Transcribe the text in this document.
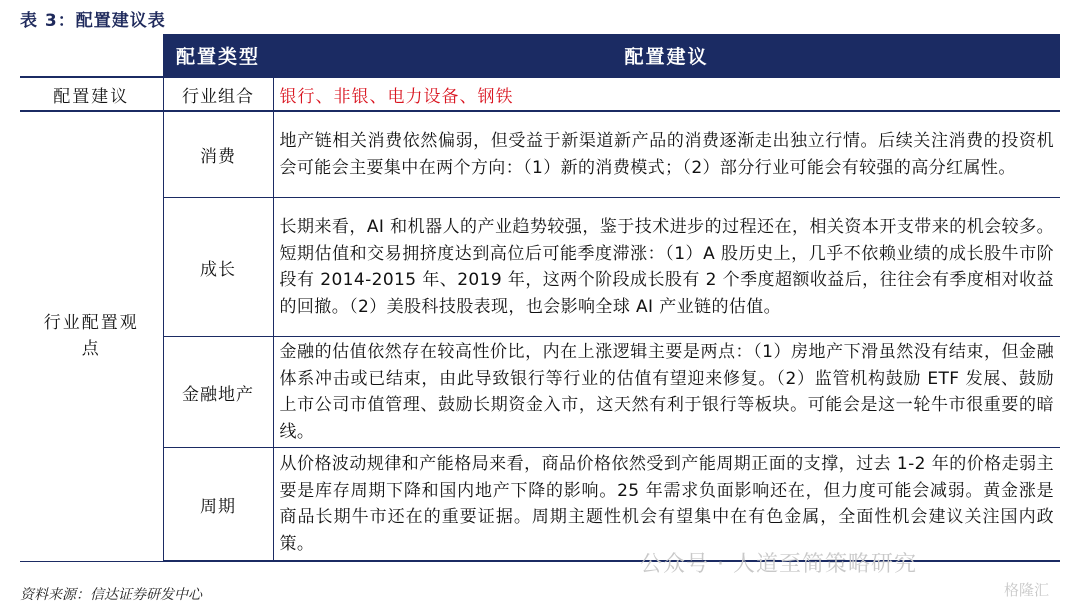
表 3：配置建议表
	配置类型	配置建议
配置建议	行业组合	银行、非银、电力设备、钢铁
行业配置观点	消费	地产链相关消费依然偏弱，但受益于新渠道新产品的消费逐渐走出独立行情。后续关注消费的投资机会可能会主要集中在两个方向：（1）新的消费模式；（2）部分行业可能会有较强的高分红属性。
	成长	长期来看，AI 和机器人的产业趋势较强，鉴于技术进步的过程还在，相关资本开支带来的机会较多。短期估值和交易拥挤度达到高位后可能季度滞涨：（1）A 股历史上，几乎不依赖业绩的成长股牛市阶段有 2014-2015 年、2019 年，这两个阶段成长股有 2 个季度超额收益后，往往会有季度相对收益的回撤。（2）美股科技股表现，也会影响全球 AI 产业链的估值。
	金融地产	金融的估值依然存在较高性价比，内在上涨逻辑主要是两点：（1）房地产下滑虽然没有结束，但金融体系冲击或已结束，由此导致银行等行业的估值有望迎来修复。（2）监管机构鼓励 ETF 发展、鼓励上市公司市值管理、鼓励长期资金入市，这天然有利于银行等板块。可能会是这一轮牛市很重要的暗线。
	周期	从价格波动规律和产能格局来看，商品价格依然受到产能周期正面的支撑，过去 1-2 年的价格走弱主要是库存周期下降和国内地产下降的影响。25 年需求负面影响还在，但力度可能会减弱。黄金涨是商品长期牛市还在的重要证据。周期主题性机会有望集中在有色金属，全面性机会建议关注国内政策。
公众号 · 人道至简策略研究
格隆汇
资料来源：信达证券研发中心
